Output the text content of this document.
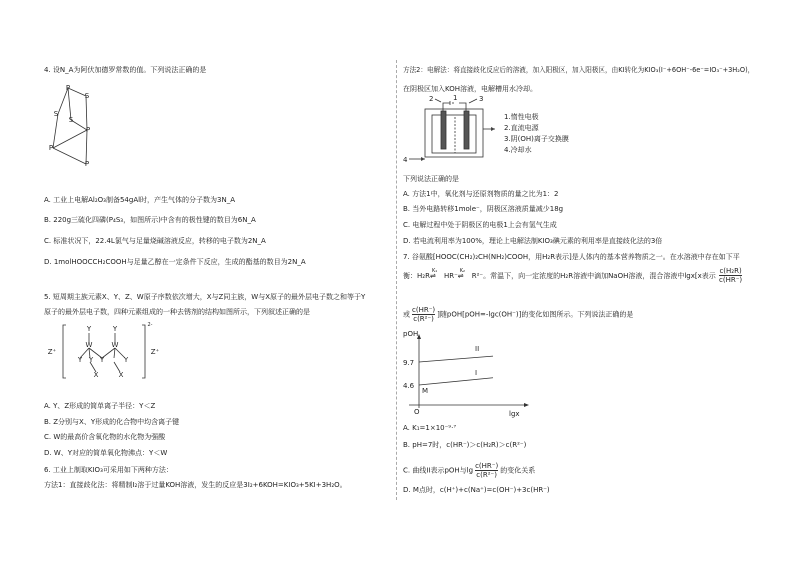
4. 设N_A为阿伏加德罗常数的值。下列说法正确的是
P
S
S
S
P
P
P
A. 工业上电解Al₂O₃制备54gAl时，产生气体的分子数为3N_A
B. 220g三硫化四磷(P₄S₃，如图所示)中含有的极性键的数目为6N_A
C. 标准状况下，22.4L氯气与足量烧碱溶液反应，转移的电子数为2N_A
D. 1molHOOCCH₂COOH与足量乙醇在一定条件下反应，生成的酯基的数目为2N_A
5. 短周期主族元素X、Y、Z、W原子序数依次增大，X与Z同主族，W与X原子的最外层电子数之和等于Y
原子的最外层电子数，四种元素组成的一种去锈剂的结构如图所示，下列叙述正确的是
Z⁺
Y	Y
W	W
Y Y Y	Y
X	X
Z⁺
2-
A. Y、Z形成的简单离子半径：Y＜Z
B. Z分别与X、Y形成的化合物中均含离子键
C. W的最高价含氧化物的水化物为强酸
D. W、Y对应的简单氧化物沸点：Y＜W
6. 工业上制取KIO₃可采用如下两种方法：
方法1：直接歧化法：将精制I₂溶于过量KOH溶液，发生的反应是3I₂+6KOH=KIO₃+5KI+3H₂O。
方法2：电解法：将直接歧化反应后的溶液，加入阳极区，加入阳极区，由KI转化为KIO₃(I⁻+6OH⁻-6e⁻=IO₃⁻+3H₂O)，
在阴极区加入KOH溶液，电解槽用水冷却。
2	1	3
4
1.惰性电极
2.直流电源
3.阴(OH)离子交换膜
4.冷却水
下列说法正确的是
A. 方法1中，氧化剂与还原剂物质的量之比为1：2
B. 当外电路转移1mole⁻，阴极区溶液质量减少18g
C. 电解过程中处于阴极区的电极1上会有氢气生成
D. 若电流利用率为100%，理论上电解法制KIO₃碘元素的利用率是直接歧化法的3倍
7. 谷氨酸[HOOC(CH₂)₂CH(NH₂)COOH，用H₂R表示]是人体内的基本营养物质之一。在水溶液中存在如下平
衡：H₂R
K₁
⇌ HR⁻
K₂
⇌ R²⁻。常温下，向一定浓度的H₂R溶液中滴加NaOH溶液，混合溶液中lgx[x表示 $\frac{\text{c(H₂R)}}{c(HR^-)}$
或 $\frac{c(HR^-)}{\text{c(R²⁻)}}$ ]随pOH[pOH=-lgc(OH⁻)]的变化如图所示。下列说法正确的是
pOH
lgx
O
9.7
4.6
M
II
I
A. K₁=1×10⁻⁹·⁷
B. pH=7时，c(HR⁻)＞c(H₂R)＞c(R²⁻)
C. 曲线II表示pOH与$\lg \frac{c(HR^-)}{\text{c(R²⁻)}}$ 的变化关系
D. M点时，c(H⁺)+c(Na⁺)=c(OH⁻)+3c(HR⁻)
